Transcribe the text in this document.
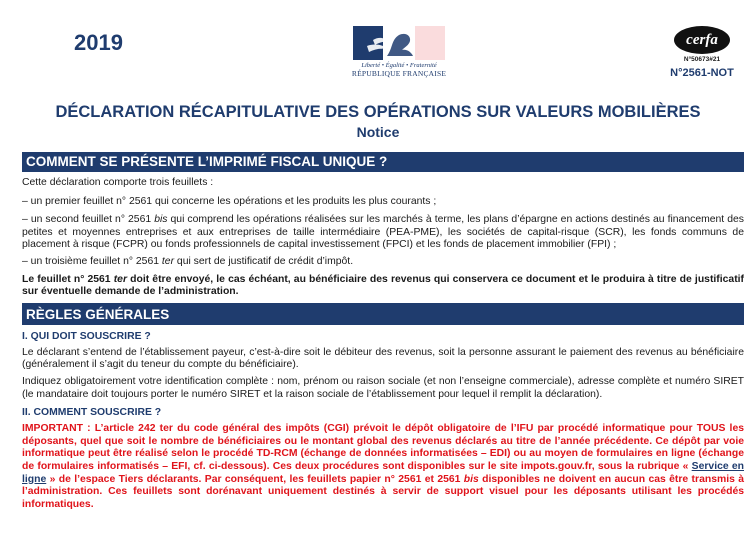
2019
Liberté • Égalité • Fraternité
RÉPUBLIQUE FRANÇAISE
cerfa
N°50673#21
N°2561-NOT
DÉCLARATION RÉCAPITULATIVE DES OPÉRATIONS SUR VALEURS MOBILIÈRES
Notice
COMMENT SE PRÉSENTE L’IMPRIMÉ FISCAL UNIQUE ?

Cette déclaration comporte trois feuillets :

– un premier feuillet n° 2561 qui concerne les opérations et les produits les plus courants ;

– un second feuillet n° 2561 bis qui comprend les opérations réalisées sur les marchés à terme, les plans d’épargne en actions destinés au financement des petites et moyennes entreprises et aux entreprises de taille intermédiaire (PEA-PME), les sociétés de capital-risque (SCR), les fonds communs de placement à risque (FCPR) ou fonds professionnels de capital investissement (FPCI) et les fonds de placement immobilier (FPI) ;

– un troisième feuillet n° 2561 ter qui sert de justificatif de crédit d’impôt.

Le feuillet n° 2561 ter doit être envoyé, le cas échéant, au bénéficiaire des revenus qui conservera ce document et le produira à titre de justificatif sur éventuelle demande de l’administration.

RÈGLES GÉNÉRALES
I. QUI DOIT SOUSCRIRE ?

Le déclarant s’entend de l’établissement payeur, c’est-à-dire soit le débiteur des revenus, soit la personne assurant le paiement des revenus au bénéficiaire (généralement il s’agit du teneur du compte du bénéficiaire).

Indiquez obligatoirement votre identification complète : nom, prénom ou raison sociale (et non l’enseigne commerciale), adresse complète et numéro SIRET (le mandataire doit toujours porter le numéro SIRET et la raison sociale de l’établissement pour lequel il remplit la déclaration).

II. COMMENT SOUSCRIRE ?

IMPORTANT : L’article 242 ter du code général des impôts (CGI) prévoit le dépôt obligatoire de l’IFU par procédé informatique pour TOUS les déposants, quel que soit le nombre de bénéficiaires ou le montant global des revenus déclarés au titre de l’année précédente. Ce dépôt par voie informatique peut être réalisé selon le procédé TD-RCM (échange de données informatisées – EDI) ou au moyen de formulaires en ligne (échange de formulaires informatisés – EFI, cf. ci-dessous). Ces deux procédures sont disponibles sur le site impots.gouv.fr, sous la rubrique « Service en ligne » de l’espace Tiers déclarants. Par conséquent, les feuillets papier n° 2561 et 2561 bis disponibles ne doivent en aucun cas être transmis à l’administration. Ces feuillets sont dorénavant uniquement destinés à servir de support visuel pour les déposants utilisant les procédés informatiques.
